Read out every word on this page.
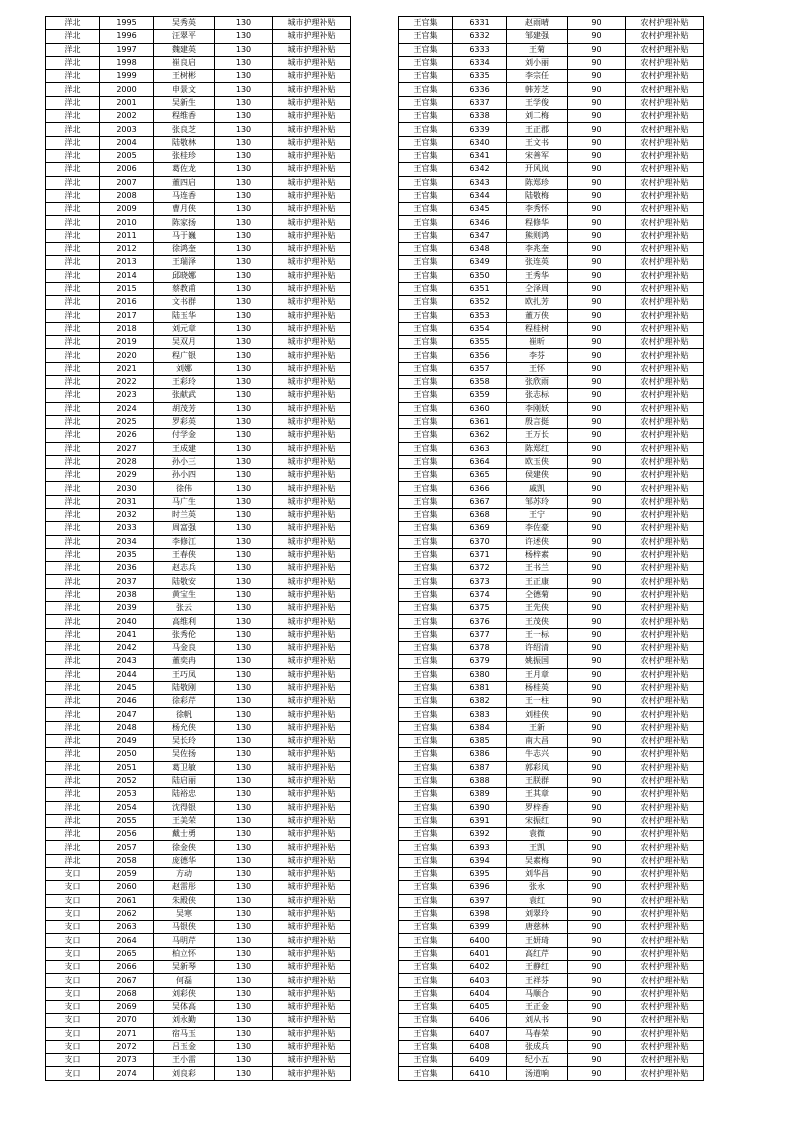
洋北	1995	吴秀英	130	城市护理补贴
洋北	1996	汪翠平	130	城市护理补贴
洋北	1997	魏建英	130	城市护理补贴
洋北	1998	崔良启	130	城市护理补贴
洋北	1999	王树彬	130	城市护理补贴
洋北	2000	申景文	130	城市护理补贴
洋北	2001	吴新生	130	城市护理补贴
洋北	2002	程维香	130	城市护理补贴
洋北	2003	张良芝	130	城市护理补贴
洋北	2004	陆敬林	130	城市护理补贴
洋北	2005	张桂珍	130	城市护理补贴
洋北	2006	葛佐龙	130	城市护理补贴
洋北	2007	董四启	130	城市护理补贴
洋北	2008	马连香	130	城市护理补贴
洋北	2009	曹月侠	130	城市护理补贴
洋北	2010	陈家扬	130	城市护理补贴
洋北	2011	马于巍	130	城市护理补贴
洋北	2012	徐鸿奎	130	城市护理补贴
洋北	2013	王瑞泽	130	城市护理补贴
洋北	2014	邱晓娜	130	城市护理补贴
洋北	2015	蔡教甫	130	城市护理补贴
洋北	2016	文书群	130	城市护理补贴
洋北	2017	陆玉华	130	城市护理补贴
洋北	2018	刘元章	130	城市护理补贴
洋北	2019	吴双月	130	城市护理补贴
洋北	2020	程广银	130	城市护理补贴
洋北	2021	刘娜	130	城市护理补贴
洋北	2022	王彩玲	130	城市护理补贴
洋北	2023	张献武	130	城市护理补贴
洋北	2024	胡茂芳	130	城市护理补贴
洋北	2025	罗彩英	130	城市护理补贴
洋北	2026	付学金	130	城市护理补贴
洋北	2027	王成建	130	城市护理补贴
洋北	2028	孙小三	130	城市护理补贴
洋北	2029	孙小四	130	城市护理补贴
洋北	2030	徐伟	130	城市护理补贴
洋北	2031	马广生	130	城市护理补贴
洋北	2032	时兰英	130	城市护理补贴
洋北	2033	周富强	130	城市护理补贴
洋北	2034	李修江	130	城市护理补贴
洋北	2035	王春侠	130	城市护理补贴
洋北	2036	赵志兵	130	城市护理补贴
洋北	2037	陆敬安	130	城市护理补贴
洋北	2038	黄宝生	130	城市护理补贴
洋北	2039	张云	130	城市护理补贴
洋北	2040	高维利	130	城市护理补贴
洋北	2041	张秀伦	130	城市护理补贴
洋北	2042	马金良	130	城市护理补贴
洋北	2043	董奕冉	130	城市护理补贴
洋北	2044	王巧凤	130	城市护理补贴
洋北	2045	陆敬刚	130	城市护理补贴
洋北	2046	徐彩芹	130	城市护理补贴
洋北	2047	徐帆	130	城市护理补贴
洋北	2048	杨允侠	130	城市护理补贴
洋北	2049	吴长玲	130	城市护理补贴
洋北	2050	吴佐扬	130	城市护理补贴
洋北	2051	葛卫敏	130	城市护理补贴
洋北	2052	陆启丽	130	城市护理补贴
洋北	2053	陆裕忠	130	城市护理补贴
洋北	2054	沈得银	130	城市护理补贴
洋北	2055	王美荣	130	城市护理补贴
洋北	2056	戴士勇	130	城市护理补贴
洋北	2057	徐金侠	130	城市护理补贴
洋北	2058	庞德华	130	城市护理补贴
支口	2059	方动	130	城市护理补贴
支口	2060	赵雷彤	130	城市护理补贴
支口	2061	朱殿侠	130	城市护理补贴
支口	2062	吴寒	130	城市护理补贴
支口	2063	马银侠	130	城市护理补贴
支口	2064	马明芹	130	城市护理补贴
支口	2065	柏立怀	130	城市护理补贴
支口	2066	吴新琴	130	城市护理补贴
支口	2067	何磊	130	城市护理补贴
支口	2068	刘彩侠	130	城市护理补贴
支口	2069	吴体高	130	城市护理补贴
支口	2070	刘永勤	130	城市护理补贴
支口	2071	宿马玉	130	城市护理补贴
支口	2072	吕玉金	130	城市护理补贴
支口	2073	王小雷	130	城市护理补贴
支口	2074	刘良彩	130	城市护理补贴
王官集	6331	赵雨晴	90	农村护理补贴
王官集	6332	邹建强	90	农村护理补贴
王官集	6333	王菊	90	农村护理补贴
王官集	6334	刘小丽	90	农村护理补贴
王官集	6335	李宗任	90	农村护理补贴
王官集	6336	韩芳芝	90	农村护理补贴
王官集	6337	王学俊	90	农村护理补贴
王官集	6338	刘二梅	90	农村护理补贴
王官集	6339	王正郡	90	农村护理补贴
王官集	6340	王文书	90	农村护理补贴
王官集	6341	宋善军	90	农村护理补贴
王官集	6342	开风岚	90	农村护理补贴
王官集	6343	陈郑珍	90	农村护理补贴
王官集	6344	陆敬梅	90	农村护理补贴
王官集	6345	李秀怀	90	农村护理补贴
王官集	6346	程修华	90	农村护理补贴
王官集	6347	熊则鸿	90	农村护理补贴
王官集	6348	李兆奎	90	农村护理补贴
王官集	6349	张连英	90	农村护理补贴
王官集	6350	王秀华	90	农村护理补贴
王官集	6351	仝泽周	90	农村护理补贴
王官集	6352	欧扎芳	90	农村护理补贴
王官集	6353	董万侠	90	农村护理补贴
王官集	6354	程桂树	90	农村护理补贴
王官集	6355	崔昕	90	农村护理补贴
王官集	6356	李芬	90	农村护理补贴
王官集	6357	王怀	90	农村护理补贴
王官集	6358	张欣雨	90	农村护理补贴
王官集	6359	张志标	90	农村护理补贴
王官集	6360	李刚妖	90	农村护理补贴
王官集	6361	殷言挺	90	农村护理补贴
王官集	6362	王万长	90	农村护理补贴
王官集	6363	陈郑红	90	农村护理补贴
王官集	6364	欧玉侠	90	农村护理补贴
王官集	6365	侯建侠	90	农村护理补贴
王官集	6366	戚凯	90	农村护理补贴
王官集	6367	邹苏玲	90	农村护理补贴
王官集	6368	王宁	90	农村护理补贴
王官集	6369	李佐豪	90	农村护理补贴
王官集	6370	许述侠	90	农村护理补贴
王官集	6371	杨梓素	90	农村护理补贴
王官集	6372	王书兰	90	农村护理补贴
王官集	6373	王正康	90	农村护理补贴
王官集	6374	仝德菊	90	农村护理补贴
王官集	6375	王先侠	90	农村护理补贴
王官集	6376	王茂侠	90	农村护理补贴
王官集	6377	王一标	90	农村护理补贴
王官集	6378	许绍清	90	农村护理补贴
王官集	6379	姚振国	90	农村护理补贴
王官集	6380	王月章	90	农村护理补贴
王官集	6381	杨桂英	90	农村护理补贴
王官集	6382	王一柱	90	农村护理补贴
王官集	6383	刘桂侠	90	农村护理补贴
王官集	6384	王新	90	农村护理补贴
王官集	6385	南大昌	90	农村护理补贴
王官集	6386	牛志兴	90	农村护理补贴
王官集	6387	郭彩凤	90	农村护理补贴
王官集	6388	王朕群	90	农村护理补贴
王官集	6389	王其章	90	农村护理补贴
王官集	6390	罗梓香	90	农村护理补贴
王官集	6391	宋振红	90	农村护理补贴
王官集	6392	袁微	90	农村护理补贴
王官集	6393	王凯	90	农村护理补贴
王官集	6394	吴素梅	90	农村护理补贴
王官集	6395	刘华昌	90	农村护理补贴
王官集	6396	张永	90	农村护理补贴
王官集	6397	袁红	90	农村护理补贴
王官集	6398	刘翠玲	90	农村护理补贴
王官集	6399	唐慈林	90	农村护理补贴
王官集	6400	王妍琦	90	农村护理补贴
王官集	6401	高红芹	90	农村护理补贴
王官集	6402	王静红	90	农村护理补贴
王官集	6403	王祥芬	90	农村护理补贴
王官集	6404	马顺合	90	农村护理补贴
王官集	6405	王正金	90	农村护理补贴
王官集	6406	刘从书	90	农村护理补贴
王官集	6407	马春荣	90	农村护理补贴
王官集	6408	张成兵	90	农村护理补贴
王官集	6409	纪小五	90	农村护理补贴
王官集	6410	汤道响	90	农村护理补贴
